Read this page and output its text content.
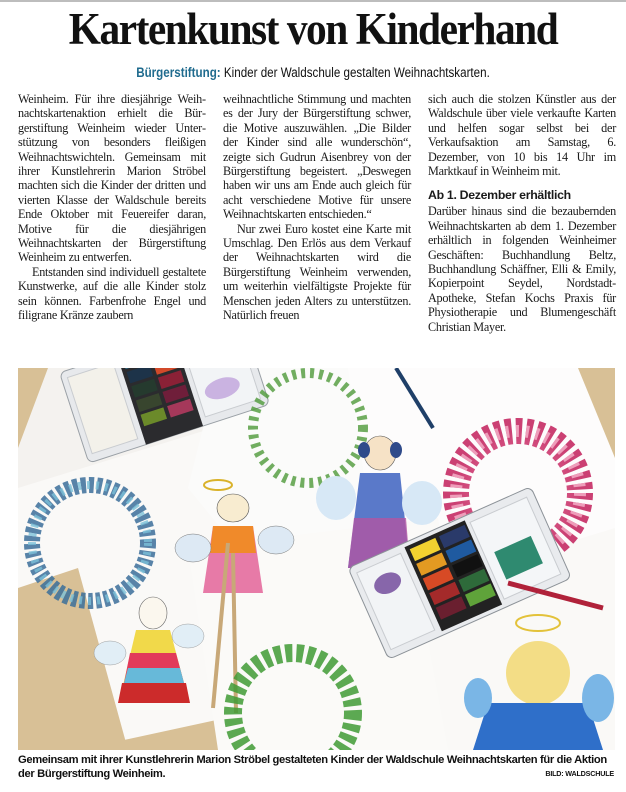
Kartenkunst von Kinderhand
Bürgerstiftung: Kinder der Waldschule gestalten Weihnachtskarten.

Weinheim. Für ihre diesjährige Weihnachtskartenaktion erhielt die Bürgerstiftung Weinheim wieder Unterstützung von besonders fleißigen Weihnachtswichteln. Gemeinsam mit ihrer Kunstlehrerin Marion Ströbel machten sich die Kinder der dritten und vierten Klasse der Waldschule bereits Ende Oktober mit Feuereifer daran, Motive für die diesjährigen Weihnachtskarten der Bürgerstiftung Weinheim zu entwerfen.

Entstanden sind individuell gestaltete Kunstwerke, auf die alle Kinder stolz sein können. Farbenfrohe Engel und filigrane Kränze zaubern

weihnachtliche Stimmung und machten es der Jury der Bürgerstiftung schwer, die Motive auszuwählen. „Die Bilder der Kinder sind alle wunderschön“, zeigte sich Gudrun Aisenbrey von der Bürgerstiftung begeistert. „Deswegen haben wir uns am Ende auch gleich für acht verschiedene Motive für unsere Weihnachtskarten entschieden.“

Nur zwei Euro kostet eine Karte mit Umschlag. Den Erlös aus dem Verkauf der Weihnachtskarten wird die Bürgerstiftung Weinheim verwenden, um weiterhin vielfältigste Projekte für Menschen jeden Alters zu unterstützen. Natürlich freuen

sich auch die stolzen Künstler aus der Waldschule über viele verkaufte Karten und helfen sogar selbst bei der Verkaufsaktion am Samstag, 6. Dezember, von 10 bis 14 Uhr im Marktkauf in Weinheim mit.

Ab 1. Dezember erhältlich

Darüber hinaus sind die bezaubernden Weihnachtskarten ab dem 1. Dezember erhältlich in folgenden Weinheimer Geschäften: Buchhandlung Beltz, Buchhandlung Schäffner, Elli & Emily, Kopierpoint Seydel, Nordstadt-Apotheke, Stefan Kochs Praxis für Physiotherapie und Blumengeschäft Christian Mayer.

Gemeinsam mit ihrer Kunstlehrerin Marion Ströbel gestalteten Kinder der Waldschule Weihnachtskarten für die Aktion der Bürgerstiftung Weinheim.	BILD: WALDSCHULE
